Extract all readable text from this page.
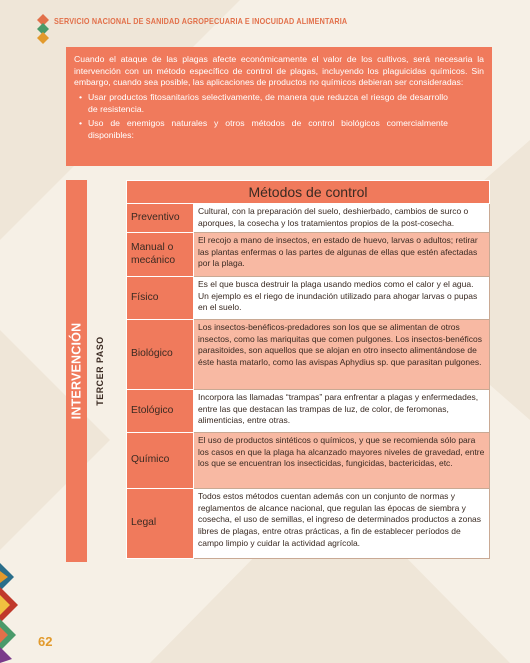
SERVICIO NACIONAL DE SANIDAD AGROPECUARIA E INOCUIDAD ALIMENTARIA

Cuando el ataque de las plagas afecte económicamente el valor de los cultivos, será necesaria la intervención con un método específico de control de plagas, incluyendo los plaguicidas químicos. Sin embargo, cuando sea posible, las aplicaciones de productos no químicos debieran ser consideradas:

• Usar productos fitosanitarios selectivamente, de manera que reduzca el riesgo de desarrollo de resistencia.
• Uso de enemigos naturales y otros métodos de control biológicos comercialmente disponibles:
INTERVENCIÓN TERCER PASO
Métodos de control	
Preventivo	Cultural, con la preparación del suelo, deshierbado, cambios de surco o aporques, la cosecha y los tratamientos propios de la post-cosecha.
Manual o mecánico	El recojo a mano de insectos, en estado de huevo, larvas o adultos; retirar las plantas enfermas o las partes de algunas de ellas que estén afectadas por la plaga.
Físico	Es el que busca destruir la plaga usando medios como el calor y el agua. Un ejemplo es el riego de inundación utilizado para ahogar larvas o pupas en el suelo.
Biológico	Los insectos-benéficos-predadores son los que se alimentan de otros insectos, como las mariquitas que comen pulgones. Los insectos-benéficos parasitoides, son aquellos que se alojan en otro insecto alimentándose de éste hasta matarlo, como las avispas Aphydius sp. que parasitan pulgones.
Etológico	Incorpora las llamadas “trampas” para enfrentar a plagas y enfermedades, entre las que destacan las trampas de luz, de color, de feromonas, alimenticias, entre otras.
Químico	El uso de productos sintéticos o químicos, y que se recomienda sólo para los casos en que la plaga ha alcanzado mayores niveles de gravedad, entre los que se encuentran los insecticidas, fungicidas, bactericidas, etc.
Legal	Todos estos métodos cuentan además con un conjunto de normas y reglamentos de alcance nacional, que regulan las épocas de siembra y cosecha, el uso de semillas, el ingreso de determinados productos a zonas libres de plagas, entre otras prácticas, a fin de establecer períodos de campo limpio y cuidar la actividad agrícola.
62
